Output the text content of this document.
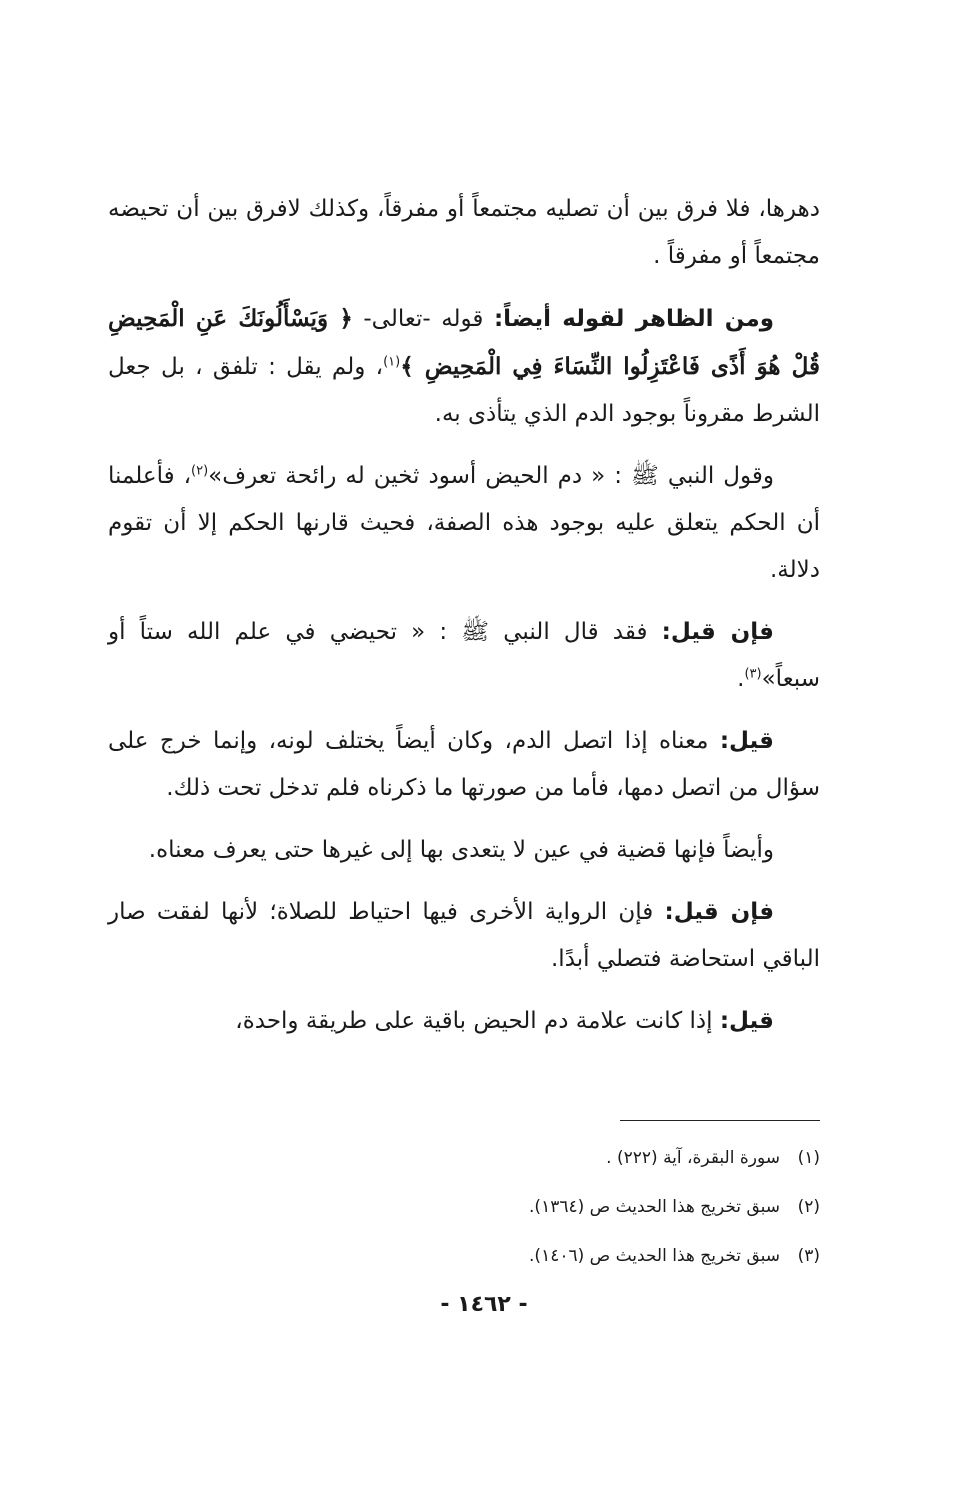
دهرها، فلا فرق بين أن تصليه مجتمعاً أو مفرقاً، وكذلك لافرق بين أن تحيضه مجتمعاً أو مفرقاً .

ومن الظاهر لقوله أيضاً: قوله -تعالى- ﴿ وَيَسْأَلُونَكَ عَنِ الْمَحِيضِ قُلْ هُوَ أَذًى فَاعْتَزِلُوا النِّسَاءَ فِي الْمَحِيضِ ﴾$^{(١)}$، ولم يقل : تلفق ، بل جعل الشرط مقروناً بوجود الدم الذي يتأذى به.

وقول النبي ﷺ : « دم الحيض أسود ثخين له رائحة تعرف»$^{(٢)}$، فأعلمنا أن الحكم يتعلق عليه بوجود هذه الصفة، فحيث قارنها الحكم إلا أن تقوم دلالة.

فإن قيل: فقد قال النبي ﷺ : « تحيضي في علم الله ستاً أو سبعاً»$^{(٣)}$.

قيل: معناه إذا اتصل الدم، وكان أيضاً يختلف لونه، وإنما خرج على سؤال من اتصل دمها، فأما من صورتها ما ذكرناه فلم تدخل تحت ذلك.

وأيضاً فإنها قضية في عين لا يتعدى بها إلى غيرها حتى يعرف معناه.

فإن قيل: فإن الرواية الأخرى فيها احتياط للصلاة؛ لأنها لفقت صار الباقي استحاضة فتصلي أبدًا.

قيل: إذا كانت علامة دم الحيض باقية على طريقة واحدة،

(١)
سورة البقرة، آية (٢٢٢) .
(٢)
سبق تخريج هذا الحديث ص (١٣٦٤).
(٣)
سبق تخريج هذا الحديث ص (١٤٠٦).
- ١٤٦٢ -
